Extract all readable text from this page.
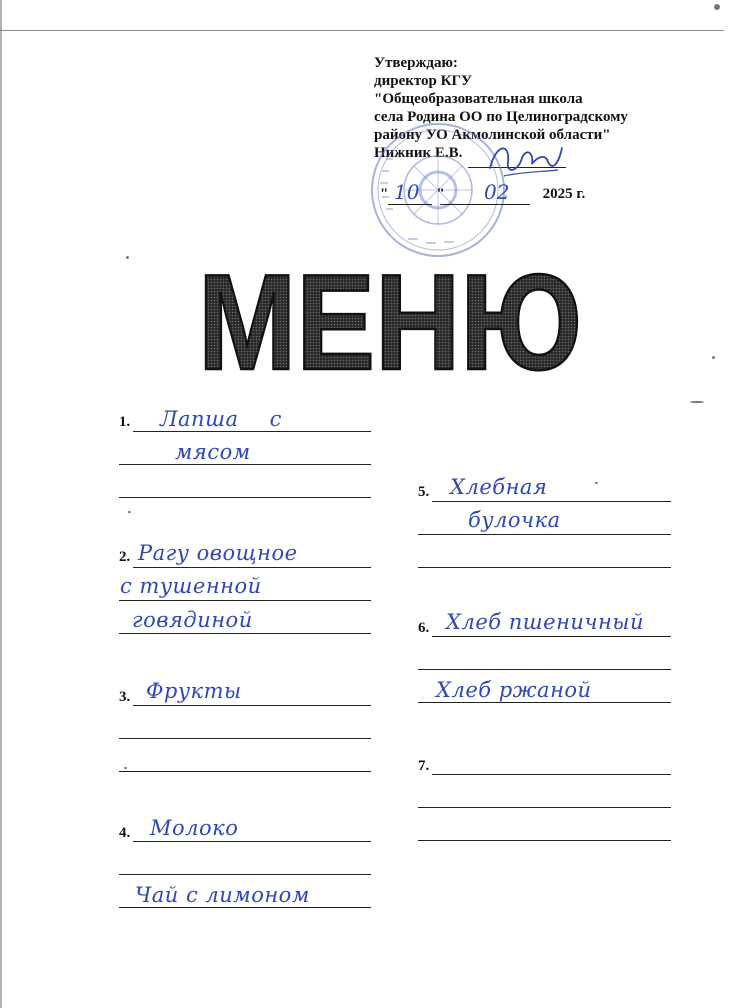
Утверждаю:
директор КГУ
"Общеобразовательная школа
села Родина ОО по Целиноградскому
району УО Акмолинской области"
Нижник Е.В.
"	"	2025 г.
10	02
МЕНЮ
1. Лапша с
мясом
2. Рагу овощное
с тушенной
говядиной
3. Фрукты
4. Молоко
Чай с лимоном
5. Хлебная
булочка
6. Хлеб пшеничный
Хлеб ржаной
7.
